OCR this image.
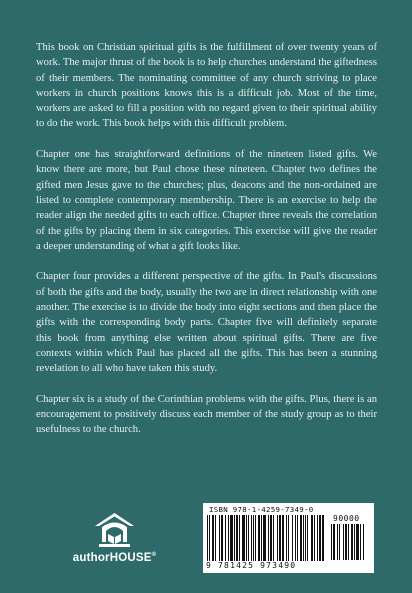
This book on Christian spiritual gifts is the fulfillment of over twenty years of work. The major thrust of the book is to help churches understand the giftedness of their members. The nominating committee of any church striving to place workers in church positions knows this is a difficult job. Most of the time, workers are asked to fill a position with no regard given to their spiritual ability to do the work. This book helps with this difficult problem.

Chapter one has straightforward definitions of the nineteen listed gifts. We know there are more, but Paul chose these nineteen. Chapter two defines the gifted men Jesus gave to the churches; plus, deacons and the non-ordained are listed to complete contemporary membership. There is an exercise to help the reader align the needed gifts to each office. Chapter three reveals the correlation of the gifts by placing them in six categories. This exercise will give the reader a deeper understanding of what a gift looks like.

Chapter four provides a different perspective of the gifts. In Paul's discussions of both the gifts and the body, usually the two are in direct relationship with one another. The exercise is to divide the body into eight sections and then place the gifts with the corresponding body parts. Chapter five will definitely separate this book from anything else written about spiritual gifts. There are five contexts within which Paul has placed all the gifts. This has been a stunning revelation to all who have taken this study.

Chapter six is a study of the Corinthian problems with the gifts. Plus, there is an encouragement to positively discuss each member of the study group as to their usefulness to the church.

authorHOUSE®
ISBN 978-1-4259-7349-0
90000
9 781425 973490
